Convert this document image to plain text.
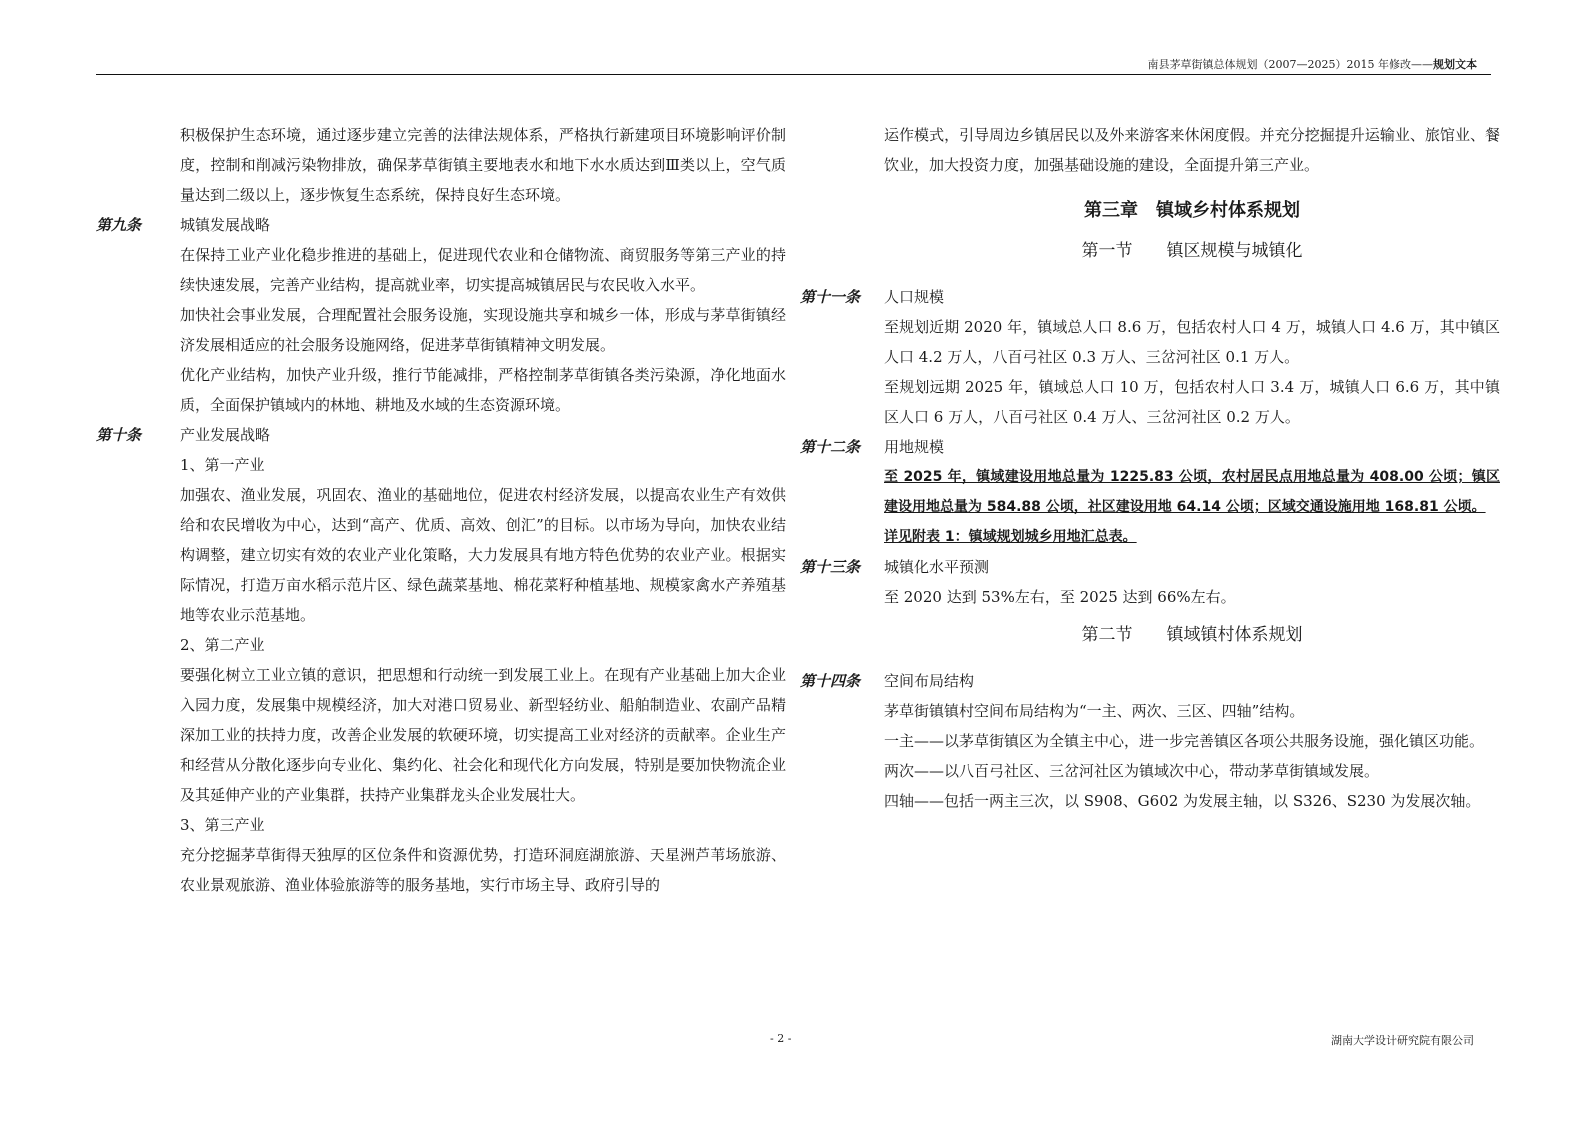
南县茅草街镇总体规划（2007—2025）2015 年修改——规划文本

积极保护生态环境，通过逐步建立完善的法律法规体系，严格执行新建项目环境影响评价制度，控制和削减污染物排放，确保茅草街镇主要地表水和地下水水质达到Ⅲ类以上，空气质量达到二级以上，逐步恢复生态系统，保持良好生态环境。

第九条	城镇发展战略

在保持工业产业化稳步推进的基础上，促进现代农业和仓储物流、商贸服务等第三产业的持续快速发展，完善产业结构，提高就业率，切实提高城镇居民与农民收入水平。

加快社会事业发展，合理配置社会服务设施，实现设施共享和城乡一体，形成与茅草街镇经济发展相适应的社会服务设施网络，促进茅草街镇精神文明发展。

优化产业结构，加快产业升级，推行节能减排，严格控制茅草街镇各类污染源，净化地面水质，全面保护镇域内的林地、耕地及水域的生态资源环境。

第十条	产业发展战略

1、第一产业

加强农、渔业发展，巩固农、渔业的基础地位，促进农村经济发展，以提高农业生产有效供给和农民增收为中心，达到“高产、优质、高效、创汇”的目标。以市场为导向，加快农业结构调整，建立切实有效的农业产业化策略，大力发展具有地方特色优势的农业产业。根据实际情况，打造万亩水稻示范片区、绿色蔬菜基地、棉花菜籽种植基地、规模家禽水产养殖基地等农业示范基地。

2、第二产业

要强化树立工业立镇的意识，把思想和行动统一到发展工业上。在现有产业基础上加大企业入园力度，发展集中规模经济，加大对港口贸易业、新型轻纺业、船舶制造业、农副产品精深加工业的扶持力度，改善企业发展的软硬环境，切实提高工业对经济的贡献率。企业生产和经营从分散化逐步向专业化、集约化、社会化和现代化方向发展，特别是要加快物流企业及其延伸产业的产业集群，扶持产业集群龙头企业发展壮大。

3、第三产业

充分挖掘茅草街得天独厚的区位条件和资源优势，打造环洞庭湖旅游、天星洲芦苇场旅游、农业景观旅游、渔业体验旅游等的服务基地，实行市场主导、政府引导的

运作模式，引导周边乡镇居民以及外来游客来休闲度假。并充分挖掘提升运输业、旅馆业、餐饮业，加大投资力度，加强基础设施的建设，全面提升第三产业。

第三章　镇域乡村体系规划
第一节　　镇区规模与城镇化
第十一条	人口规模

至规划近期 2020 年，镇域总人口 8.6 万，包括农村人口 4 万，城镇人口 4.6 万，其中镇区人口 4.2 万人，八百弓社区 0.3 万人、三岔河社区 0.1 万人。

至规划远期 2025 年，镇域总人口 10 万，包括农村人口 3.4 万，城镇人口 6.6 万，其中镇区人口 6 万人，八百弓社区 0.4 万人、三岔河社区 0.2 万人。

第十二条	用地规模

至 2025 年，镇域建设用地总量为 1225.83 公顷，农村居民点用地总量为 408.00 公顷；镇区建设用地总量为 584.88 公顷，社区建设用地 64.14 公顷；区域交通设施用地 168.81 公顷。

详见附表 1：镇域规划城乡用地汇总表。

第十三条	城镇化水平预测

至 2020 达到 53%左右，至 2025 达到 66%左右。

第二节　　镇域镇村体系规划
第十四条	空间布局结构

茅草街镇镇村空间布局结构为“一主、两次、三区、四轴”结构。

一主——以茅草街镇区为全镇主中心，进一步完善镇区各项公共服务设施，强化镇区功能。

两次——以八百弓社区、三岔河社区为镇域次中心，带动茅草街镇域发展。

四轴——包括一两主三次，以 S908、G602 为发展主轴，以 S326、S230 为发展次轴。

- 2 -	湖南大学设计研究院有限公司
